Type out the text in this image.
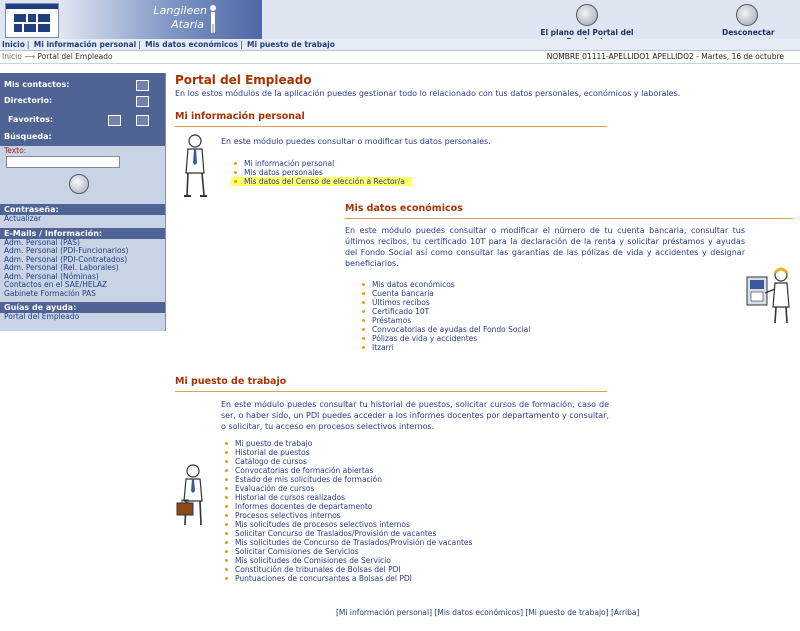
Langileen
Ataria
El plano del Portal del	Desconectar
Inicio | Mi información personal | Mis datos económicos | Mi puesto de trabajo
Inicio ⟶ Portal del Empleado	NOMBRE 01111-APELLIDO1 APELLIDO2 - Martes, 16 de octubre
Mis contactos:
Directorio:
Favoritos:
Búsqueda:
Texto:
Contraseña:
Actualizar
E-Mails / Información:
Adm. Personal (PAS)
Adm. Personal (PDI-Funcionarios)
Adm. Personal (PDI-Contratados)
Adm. Personal (Rel. Laborales)
Adm. Personal (Nóminas)
Contactos en el SAE/HELAZ
Gabinete Formación PAS
Guías de ayuda:
Portal del Empleado
Portal del Empleado
En los estos módulos de la aplicación puedes gestionar todo lo relacionado con tus datos personales, económicos y laborales.
Mi información personal
En este módulo puedes consultar o modificar tus datos personales.
Mi información personal
Mis datos personales
Mis datos del Censo de elección a Rector/a
Mis datos económicos
En este módulo puedes consultar o modificar el número de tu cuenta bancaria, consultar tus últimos recibos, tu certificado 10T para la declaración de la renta y solicitar préstamos y ayudas del Fondo Social así como consultar las garantías de las pólizas de vida y accidentes y designar beneficiarios.
Mis datos económicos
Cuenta bancaria
Últimos recibos
Certificado 10T
Préstamos
Convocatorias de ayudas del Fondo Social
Pólizas de vida y accidentes
Itzarri
Mi puesto de trabajo
En este módulo puedes consultar tu historial de puestos, solicitar cursos de formación, caso de ser, o haber sido, un PDI puedes acceder a los informes docentes por departamento y consultar, o solicitar, tu acceso en procesos selectivos internos.
Mi puesto de trabajo
Historial de puestos
Catálogo de cursos
Convocatorias de formación abiertas
Estado de mis solicitudes de formación
Evaluación de cursos
Historial de cursos realizados
Informes docentes de departamento
Procesos selectivos internos
Mis solicitudes de procesos selectivos internos
Solicitar Concurso de Traslados/Provisión de vacantes
Mis solicitudes de Concurso de Traslados/Provisión de vacantes
Solicitar Comisiones de Servicios
Mis solicitudes de Comisiones de Servicio
Constitución de tribunales de Bolsas del PDI
Puntuaciones de concursantes a Bolsas del PDI
[Mi información personal] [Mis datos económicos] [Mi puesto de trabajo] [Arriba]
